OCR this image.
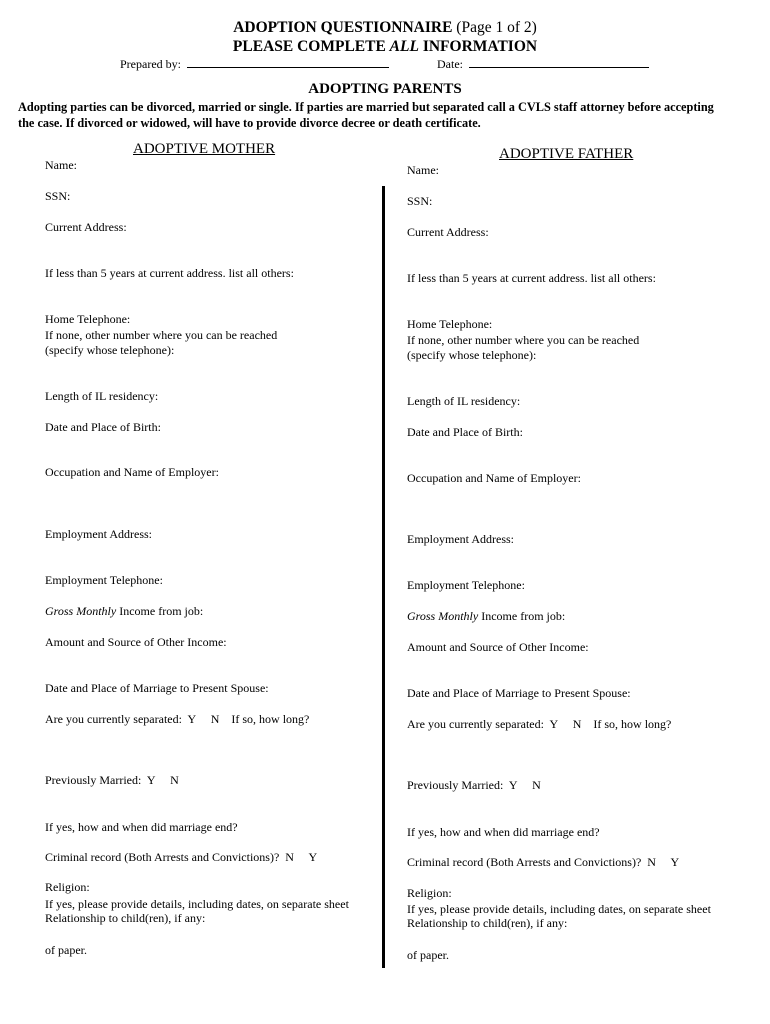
ADOPTION QUESTIONNAIRE (Page 1 of 2)
PLEASE COMPLETE ALL INFORMATION
Prepared by:	Date:
ADOPTING PARENTS
Adopting parties can be divorced, married or single. If parties are married but separated call a CVLS staff attorney before accepting
the case. If divorced or widowed, will have to provide divorce decree or death certificate.
ADOPTIVE MOTHER
Name:
SSN:
Current Address:
If less than 5 years at current address. list all others:
Home Telephone:
If none, other number where you can be reached
(specify whose telephone):
Length of IL residency:
Date and Place of Birth:
Occupation and Name of Employer:
Employment Address:
Employment Telephone:
Gross Monthly Income from job:
Amount and Source of Other Income:
Date and Place of Marriage to Present Spouse:
Are you currently separated:  Y     N    If so, how long?

Previously Married:  Y     N

If yes, how and when did marriage end?

Criminal record (Both Arrests and Convictions)?  N     Y

If yes, please provide details, including dates, on separate sheet

of paper.

Religion:
Relationship to child(ren), if any:
ADOPTIVE FATHER
Name:
SSN:
Current Address:
If less than 5 years at current address. list all others:
Home Telephone:
If none, other number where you can be reached
(specify whose telephone):
Length of IL residency:
Date and Place of Birth:
Occupation and Name of Employer:
Employment Address:
Employment Telephone:
Gross Monthly Income from job:
Amount and Source of Other Income:
Date and Place of Marriage to Present Spouse:
Are you currently separated:  Y     N    If so, how long?

Previously Married:  Y     N

If yes, how and when did marriage end?

Criminal record (Both Arrests and Convictions)?  N     Y

If yes, please provide details, including dates, on separate sheet

of paper.

Religion:
Relationship to child(ren), if any:
